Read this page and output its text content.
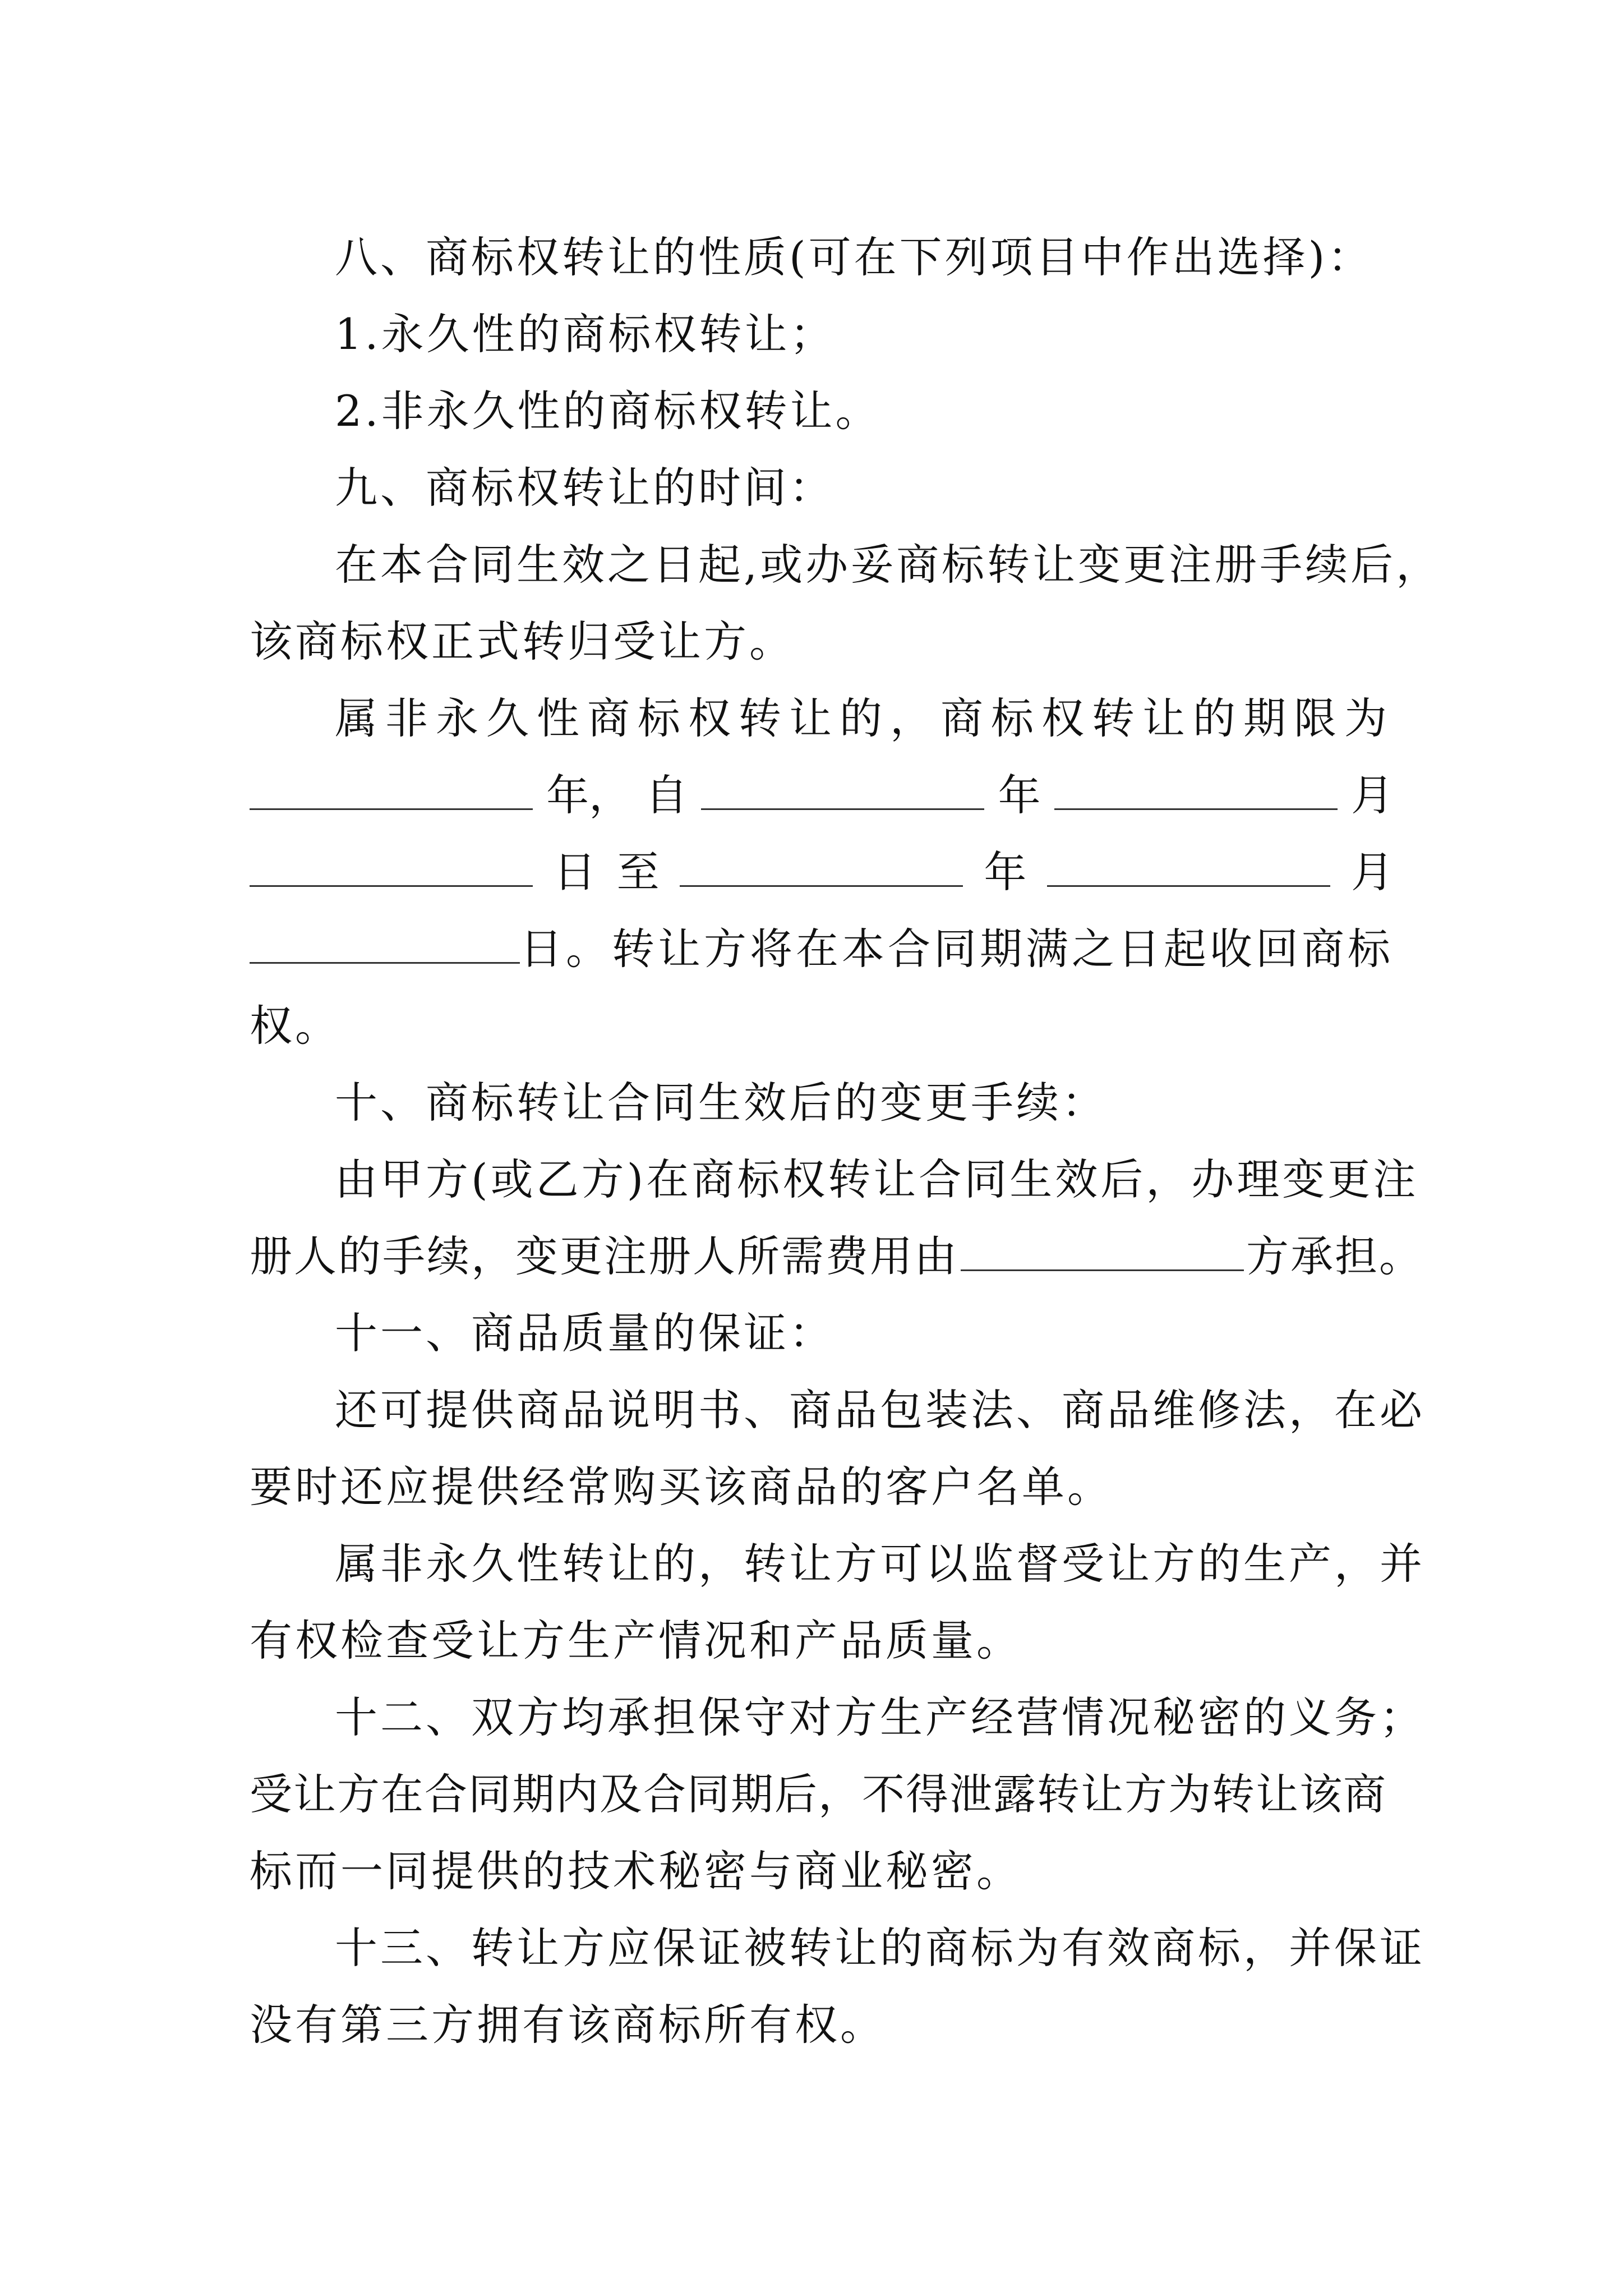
八、商标权转让的性质(可在下列项目中作出选择)：

1.永久性的商标权转让；

2.非永久性的商标权转让。

九、商标权转让的时间：

在本合同生效之日起,或办妥商标转让变更注册手续后，

该商标权正式转归受让方。

属非永久性商标权转让的，商标权转让的期限为
年， 自	年	月
日 至	年	月
日。转让方将在本合同期满之日起收回商标

权。

十、商标转让合同生效后的变更手续：

由甲方(或乙方)在商标权转让合同生效后，办理变更注

册人的手续，变更注册人所需费用由	方承担。

十一、商品质量的保证：

还可提供商品说明书、商品包装法、商品维修法，在必

要时还应提供经常购买该商品的客户名单。

属非永久性转让的，转让方可以监督受让方的生产，并

有权检查受让方生产情况和产品质量。

十二、双方均承担保守对方生产经营情况秘密的义务；

受让方在合同期内及合同期后，不得泄露转让方为转让该商

标而一同提供的技术秘密与商业秘密。

十三、转让方应保证被转让的商标为有效商标，并保证

没有第三方拥有该商标所有权。
